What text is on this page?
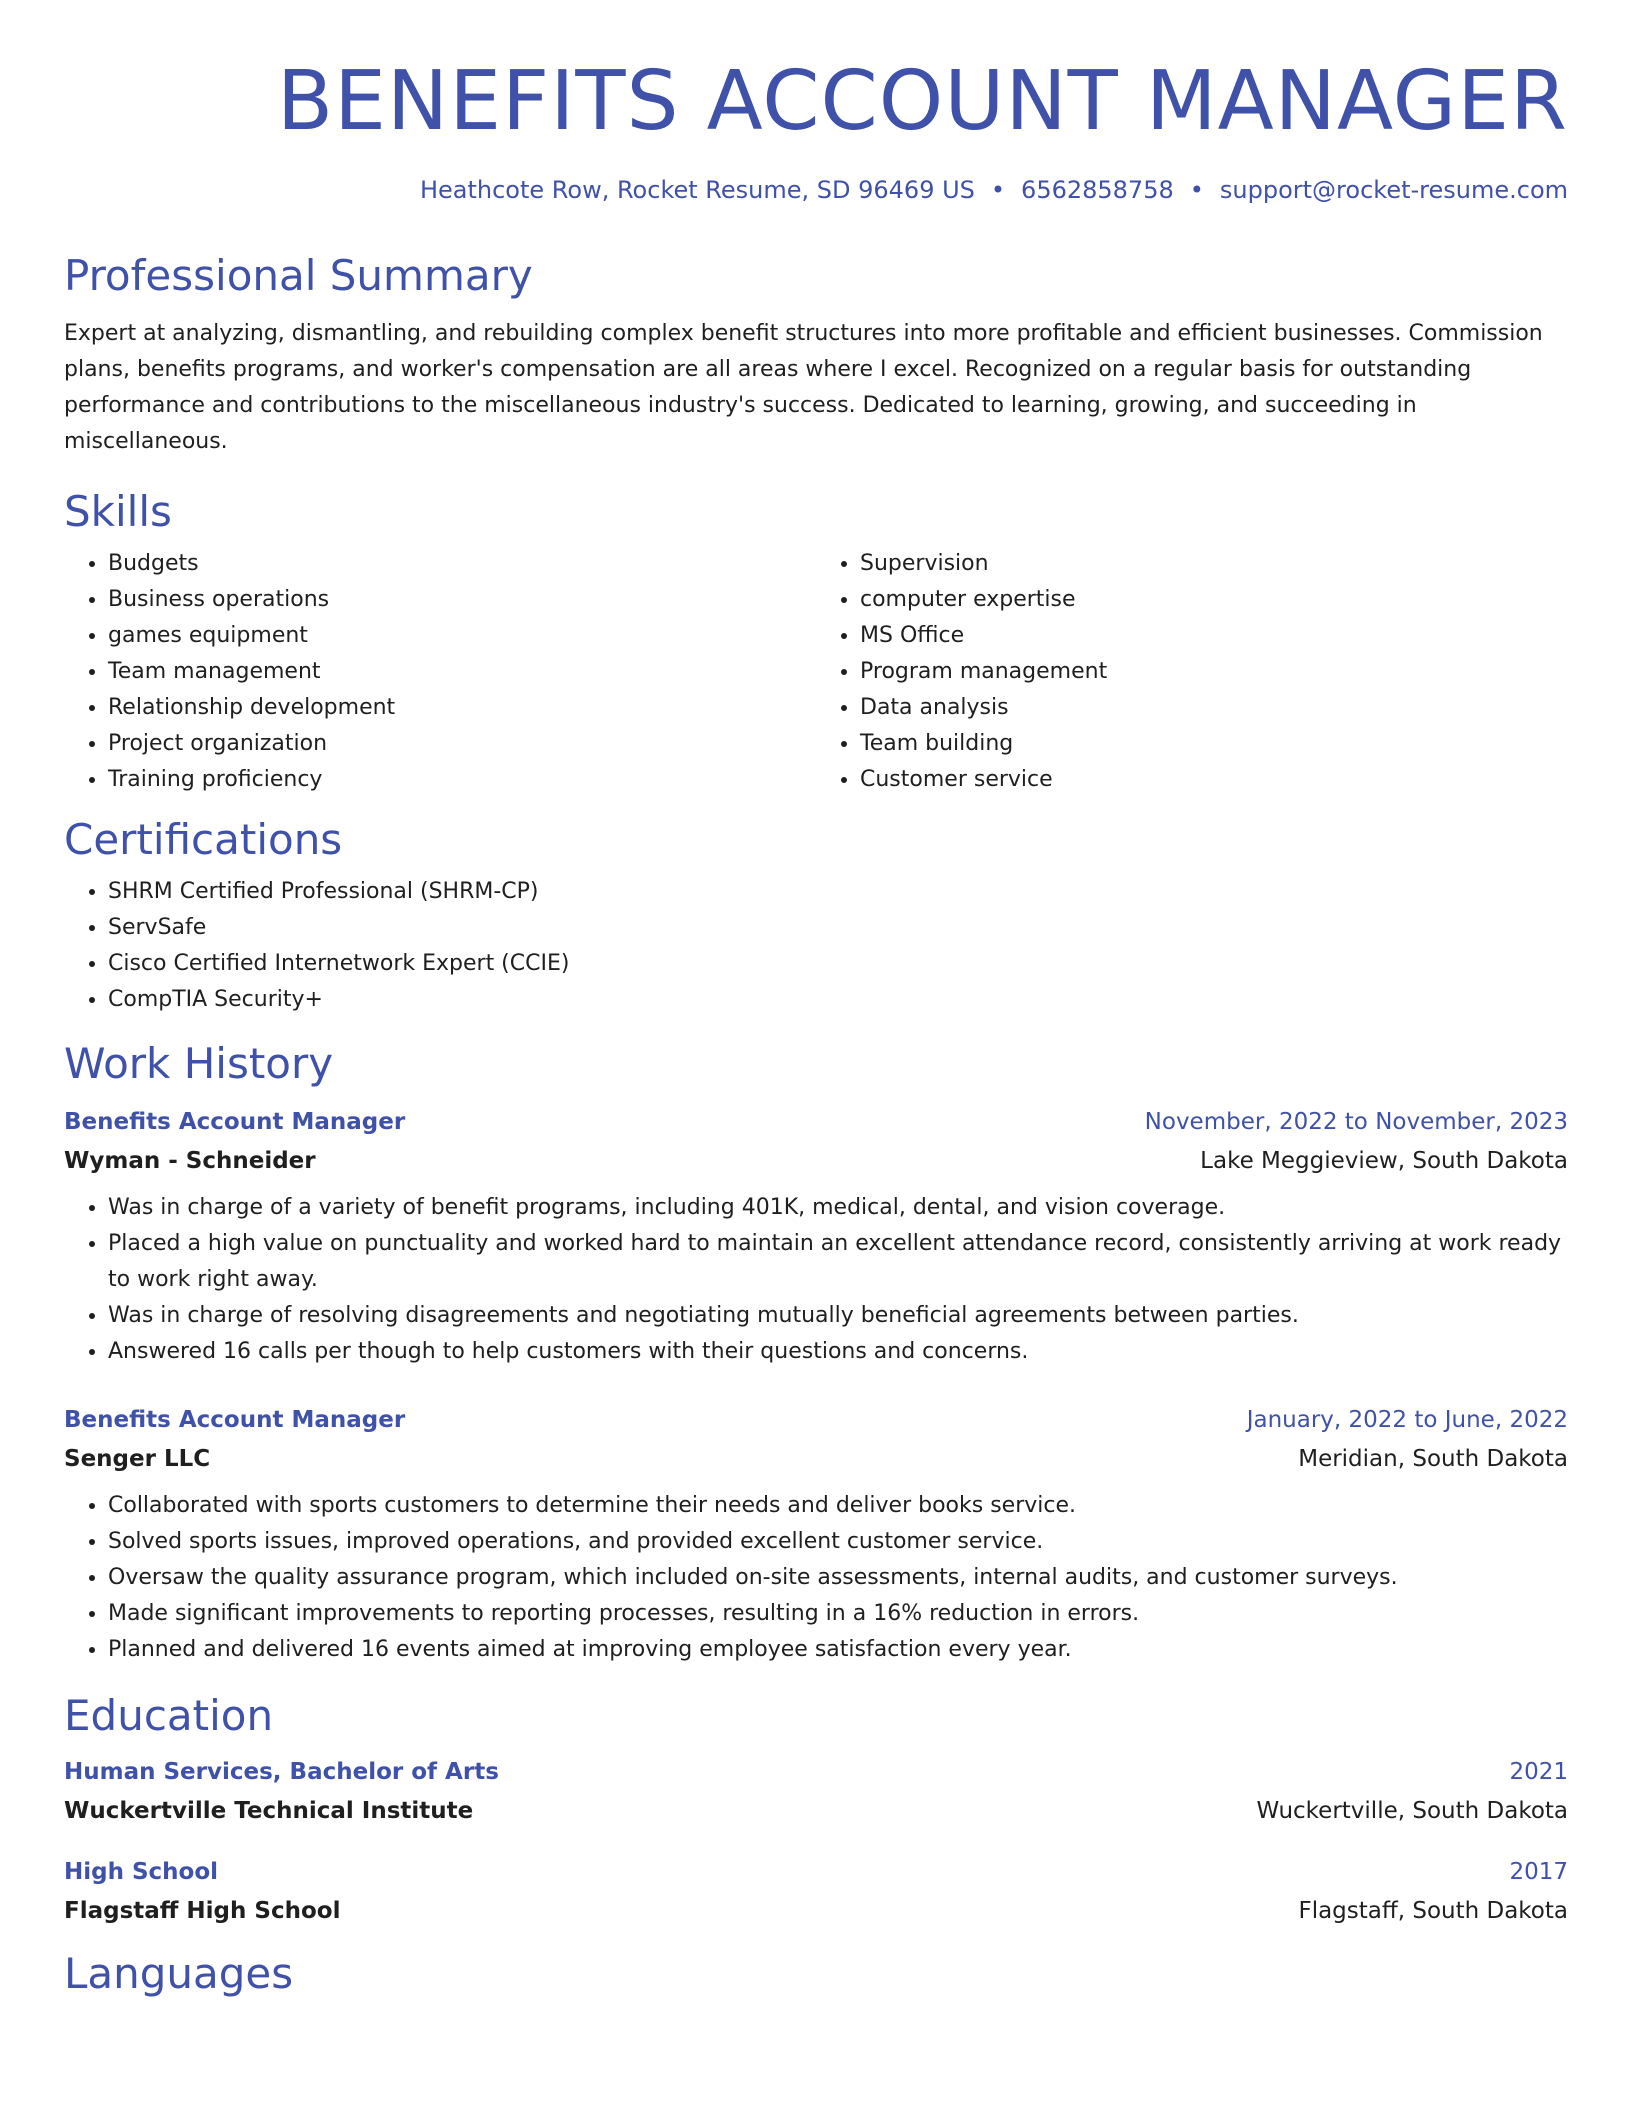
BENEFITS ACCOUNT MANAGER
Heathcote Row, Rocket Resume, SD 96469 US • 6562858758 • support@rocket-resume.com
Professional Summary
Expert at analyzing, dismantling, and rebuilding complex benefit structures into more profitable and efficient businesses. Commission plans, benefits programs, and worker's compensation are all areas where I excel. Recognized on a regular basis for outstanding performance and contributions to the miscellaneous industry's success. Dedicated to learning, growing, and succeeding in miscellaneous.
Skills
• Budgets
• Business operations
• games equipment
• Team management
• Relationship development
• Project organization
• Training proficiency
• Supervision
• computer expertise
• MS Office
• Program management
• Data analysis
• Team building
• Customer service
Certifications
• SHRM Certified Professional (SHRM-CP)
• ServSafe
• Cisco Certified Internetwork Expert (CCIE)
• CompTIA Security+
Work History
Benefits Account Manager	November, 2022 to November, 2023
Wyman - Schneider	Lake Meggieview, South Dakota
• Was in charge of a variety of benefit programs, including 401K, medical, dental, and vision coverage.
• Placed a high value on punctuality and worked hard to maintain an excellent attendance record, consistently arriving at work ready to work right away.
• Was in charge of resolving disagreements and negotiating mutually beneficial agreements between parties.
• Answered 16 calls per though to help customers with their questions and concerns.
Benefits Account Manager	January, 2022 to June, 2022
Senger LLC	Meridian, South Dakota
• Collaborated with sports customers to determine their needs and deliver books service.
• Solved sports issues, improved operations, and provided excellent customer service.
• Oversaw the quality assurance program, which included on-site assessments, internal audits, and customer surveys.
• Made significant improvements to reporting processes, resulting in a 16% reduction in errors.
• Planned and delivered 16 events aimed at improving employee satisfaction every year.
Education
Human Services, Bachelor of Arts	2021
Wuckertville Technical Institute	Wuckertville, South Dakota
High School	2017
Flagstaff High School	Flagstaff, South Dakota
Languages
